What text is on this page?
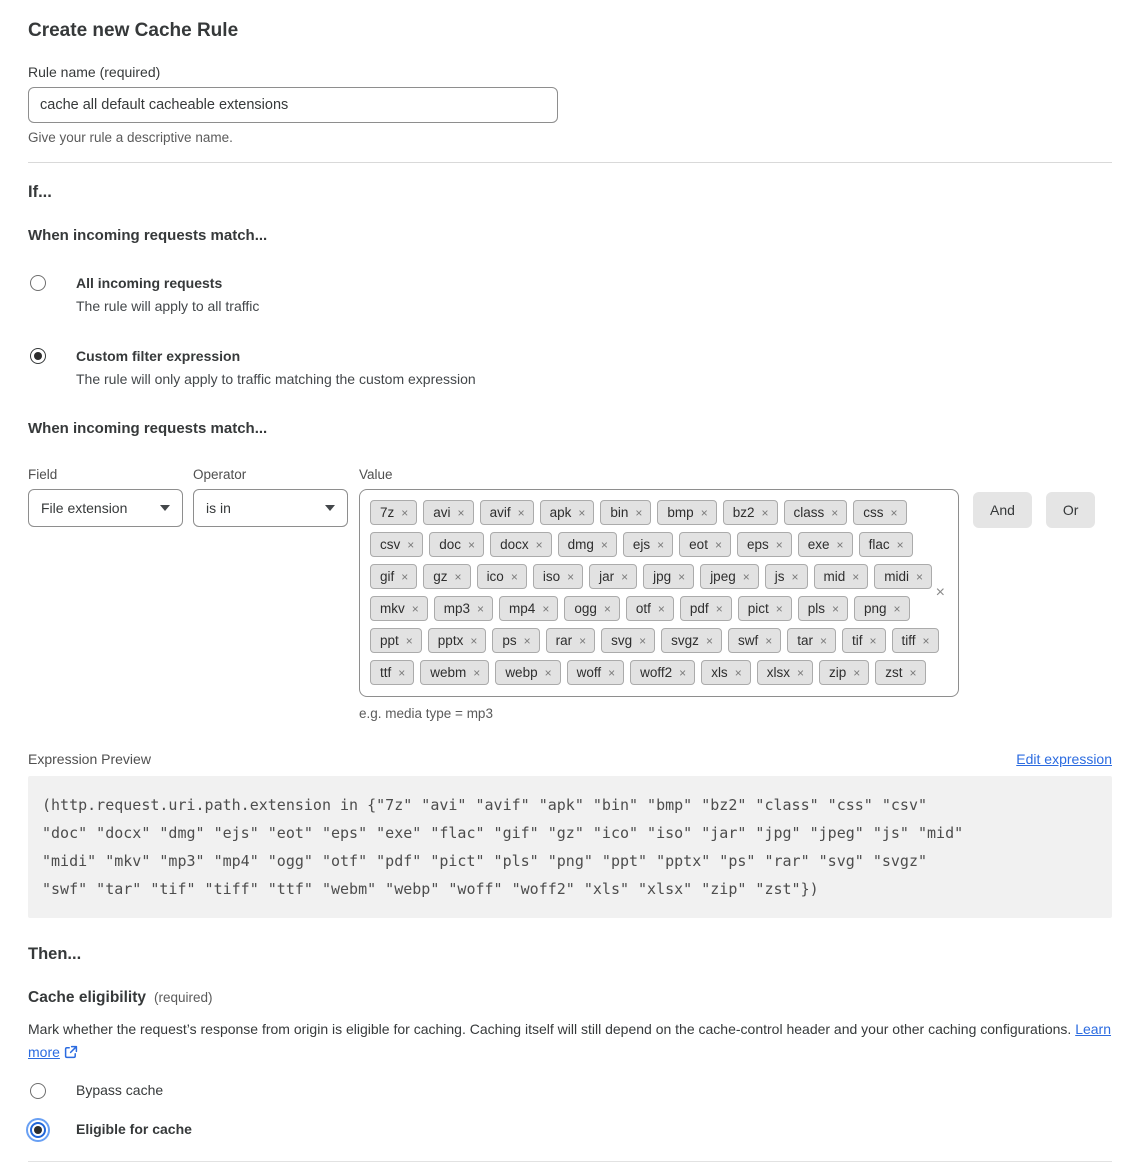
Create new Cache Rule
Rule name (required)
cache all default cacheable extensions
Give your rule a descriptive name.
If...
When incoming requests match...
All incoming requests
The rule will apply to all traffic
Custom filter expression
The rule will only apply to traffic matching the custom expression
When incoming requests match...
Field
File extension
Operator
is in
Value
7z × avi × avif × apk × bin × bmp × bz2 × class × css ×
csv × doc × docx × dmg × ejs × eot × eps × exe × flac ×
gif × gz × ico × iso × jar × jpg × jpeg × js × mid × midi ×
mkv × mp3 × mp4 × ogg × otf × pdf × pict × pls × png ×
ppt × pptx × ps × rar × svg × svgz × swf × tar × tif × tiff ×
ttf × webm × webp × woff × woff2 × xls × xlsx × zip × zst ×
×
e.g. media type = mp3
And	Or
Expression Preview	Edit expression
(http.request.uri.path.extension in {"7z" "avi" "avif" "apk" "bin" "bmp" "bz2" "class" "css" "csv"
"doc" "docx" "dmg" "ejs" "eot" "eps" "exe" "flac" "gif" "gz" "ico" "iso" "jar" "jpg" "jpeg" "js" "mid"
"midi" "mkv" "mp3" "mp4" "ogg" "otf" "pdf" "pict" "pls" "png" "ppt" "pptx" "ps" "rar" "svg" "svgz"
"swf" "tar" "tif" "tiff" "ttf" "webm" "webp" "woff" "woff2" "xls" "xlsx" "zip" "zst"})
Then...
Cache eligibility (required)
Mark whether the request’s response from origin is eligible for caching. Caching itself will still depend on the cache-control header and your other caching configurations. Learn more
Bypass cache
Eligible for cache
